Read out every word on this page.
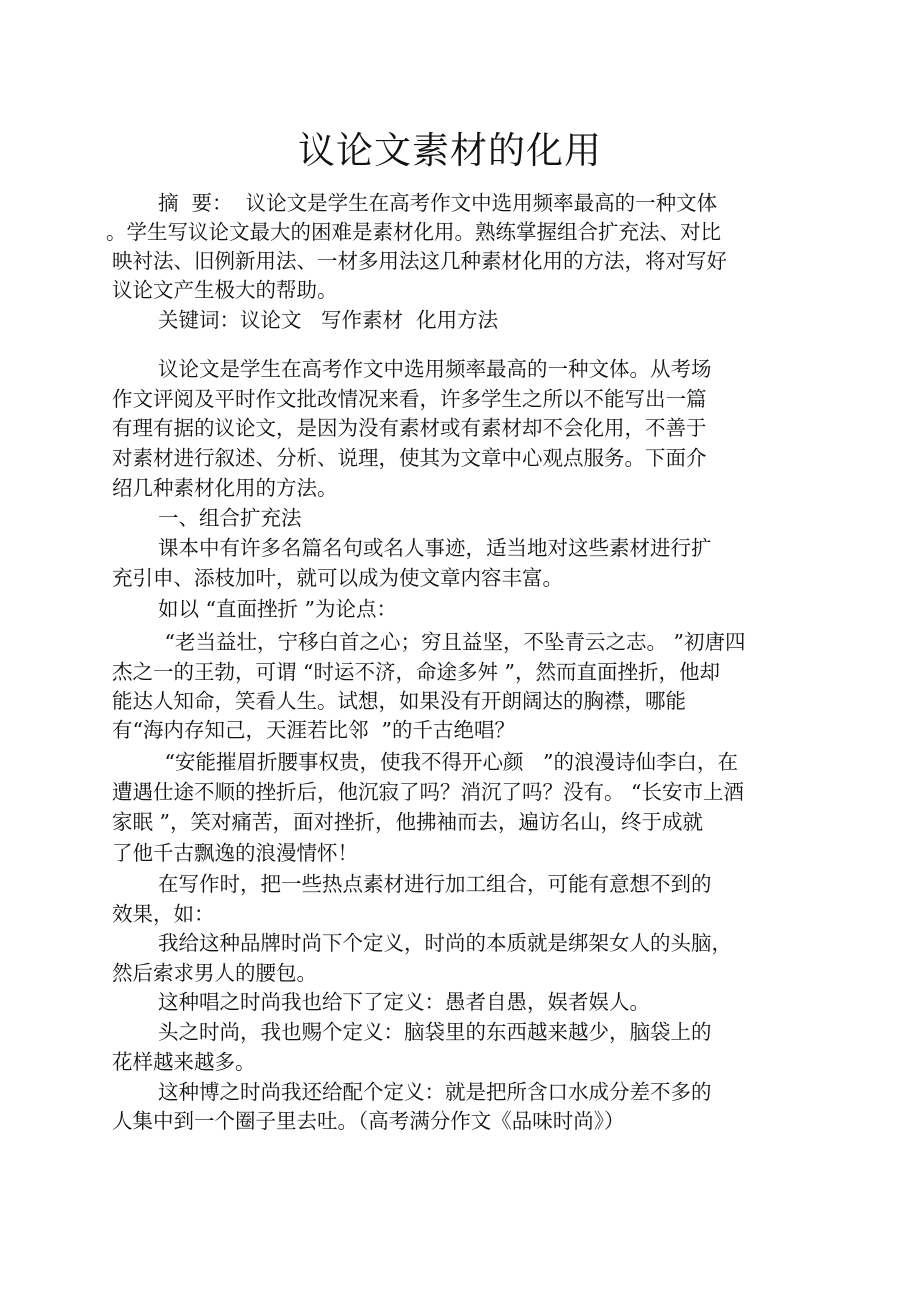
议论文素材的化用
摘  要：  议论文是学生在高考作文中选用频率最高的一种文体
。学生写议论文最大的困难是素材化用。熟练掌握组合扩充法、对比
映衬法、旧例新用法、一材多用法这几种素材化用的方法，将对写好
议论文产生极大的帮助。
关键词：议论文   写作素材  化用方法
议论文是学生在高考作文中选用频率最高的一种文体。从考场
作文评阅及平时作文批改情况来看，许多学生之所以不能写出一篇
有理有据的议论文，是因为没有素材或有素材却不会化用，不善于
对素材进行叙述、分析、说理，使其为文章中心观点服务。下面介
绍几种素材化用的方法。
一、组合扩充法
课本中有许多名篇名句或名人事迹，适当地对这些素材进行扩
充引申、添枝加叶，就可以成为使文章内容丰富。
如以 “直面挫折 ”为论点：
“老当益壮，宁移白首之心；穷且益坚，不坠青云之志。 ”初唐四
杰之一的王勃，可谓 “时运不济，命途多舛 ”，然而直面挫折，他却
能达人知命，笑看人生。试想，如果没有开朗阔达的胸襟，哪能
有“海内存知己，天涯若比邻  ”的千古绝唱？
“安能摧眉折腰事权贵，使我不得开心颜   ”的浪漫诗仙李白，在
遭遇仕途不顺的挫折后，他沉寂了吗？消沉了吗？没有。 “长安市上酒
家眠 ”，笑对痛苦，面对挫折，他拂袖而去，遍访名山，终于成就
了他千古飘逸的浪漫情怀！
在写作时，把一些热点素材进行加工组合，可能有意想不到的
效果，如：
我给这种品牌时尚下个定义，时尚的本质就是绑架女人的头脑，
然后索求男人的腰包。
这种唱之时尚我也给下了定义：愚者自愚，娱者娱人。
头之时尚，我也赐个定义：脑袋里的东西越来越少，脑袋上的
花样越来越多。
这种博之时尚我还给配个定义：就是把所含口水成分差不多的
人集中到一个圈子里去吐。（高考满分作文《品味时尚》）
